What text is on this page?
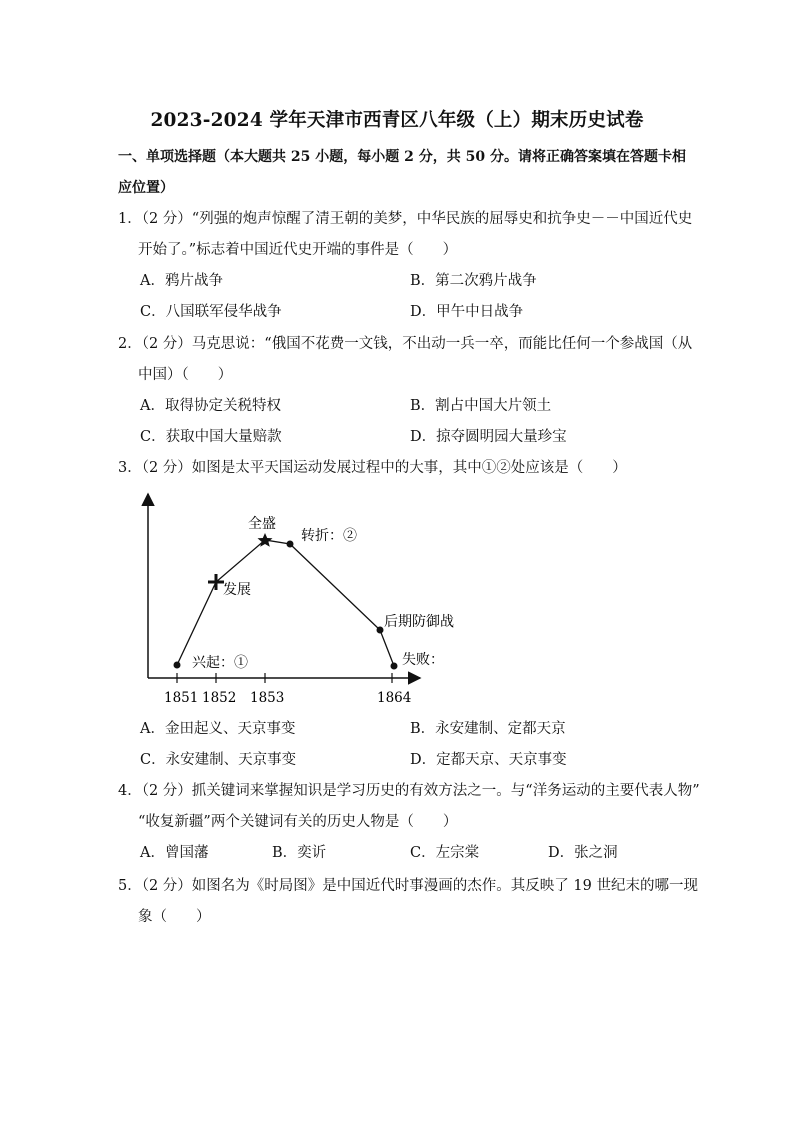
2023-2024 学年天津市西青区八年级（上）期末历史试卷
一、单项选择题（本大题共 25 小题，每小题 2 分，共 50 分。请将正确答案填在答题卡相
应位置）
1．（2 分）“列强的炮声惊醒了清王朝的美梦，中华民族的屈辱史和抗争史－－中国近代史
开始了。”标志着中国近代史开端的事件是（　　）
A．鸦片战争	B．第二次鸦片战争
C．八国联军侵华战争	D．甲午中日战争
2．（2 分）马克思说：“俄国不花费一文钱，不出动一兵一卒，而能比任何一个参战国（从
中国）（　　）
A．取得协定关税特权	B．割占中国大片领土
C．获取中国大量赔款	D．掠夺圆明园大量珍宝
3．（2 分）如图是太平天国运动发展过程中的大事，其中①②处应该是（　　）
1851 1852 1853	1864
兴起：①
发展
全盛
转折：②
后期防御战
失败：
A．金田起义、天京事变	B．永安建制、定都天京
C．永安建制、天京事变	D．定都天京、天京事变
4．（2 分）抓关键词来掌握知识是学习历史的有效方法之一。与“洋务运动的主要代表人物”
“收复新疆”两个关键词有关的历史人物是（　　）
A．曾国藩	B．奕䜣	C．左宗棠	D．张之洞
5．（2 分）如图名为《时局图》是中国近代时事漫画的杰作。其反映了 19 世纪末的哪一现
象（　　）
